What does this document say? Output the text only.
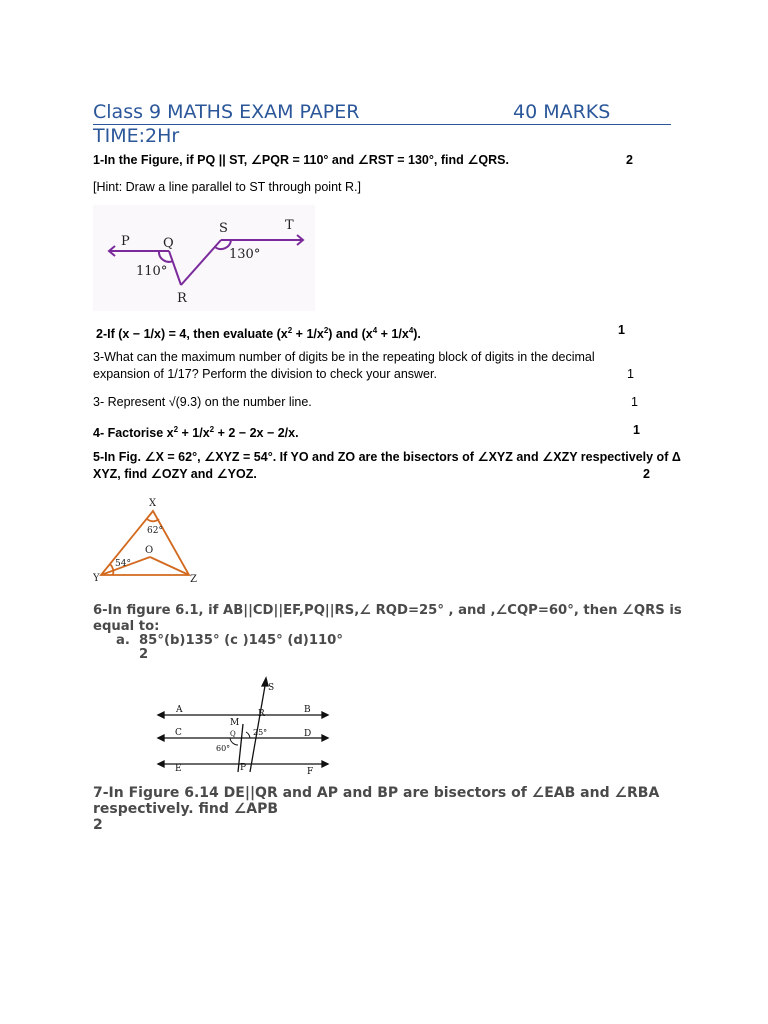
Class 9 MATHS EXAM PAPER	40 MARKS
TIME:2Hr
1-In the Figure, if PQ || ST, ∠PQR = 110° and ∠RST = 130°, find ∠QRS.	2
[Hint: Draw a line parallel to ST through point R.]
P	Q
S	T
R
110°
130°
2-If (x − 1/x) = 4, then evaluate $(x^2 + 1/x^2)$ and $(x^4 + 1/x^4)$.	1
3-What can the maximum number of digits be in the repeating block of digits in the decimal
expansion of 1/17? Perform the division to check your answer.	1
3- Represent √(9.3) on the number line.	1
4- Factorise $x^2 + 1/x^2 + 2 - 2x - 2/x$.	1
5-In Fig. ∠X = 62°, ∠XYZ = 54°. If YO and ZO are the bisectors of ∠XYZ and ∠XZY respectively of Δ
XYZ, find ∠OZY and ∠YOZ.	2
X
Y	Z
O
62°
54°
6-In figure 6.1, if AB||CD||EF,PQ||RS,∠ RQD=25° , and ,∠CQP=60°, then ∠QRS is
equal to:
a. 85°(b)135° (c )145° (d)110°
2
A	B
C	D
E	F
M
R
S
P
Q 25°
60°
7-In Figure 6.14 DE||QR and AP and BP are bisectors of ∠EAB and ∠RBA
respectively. find ∠APB
2
